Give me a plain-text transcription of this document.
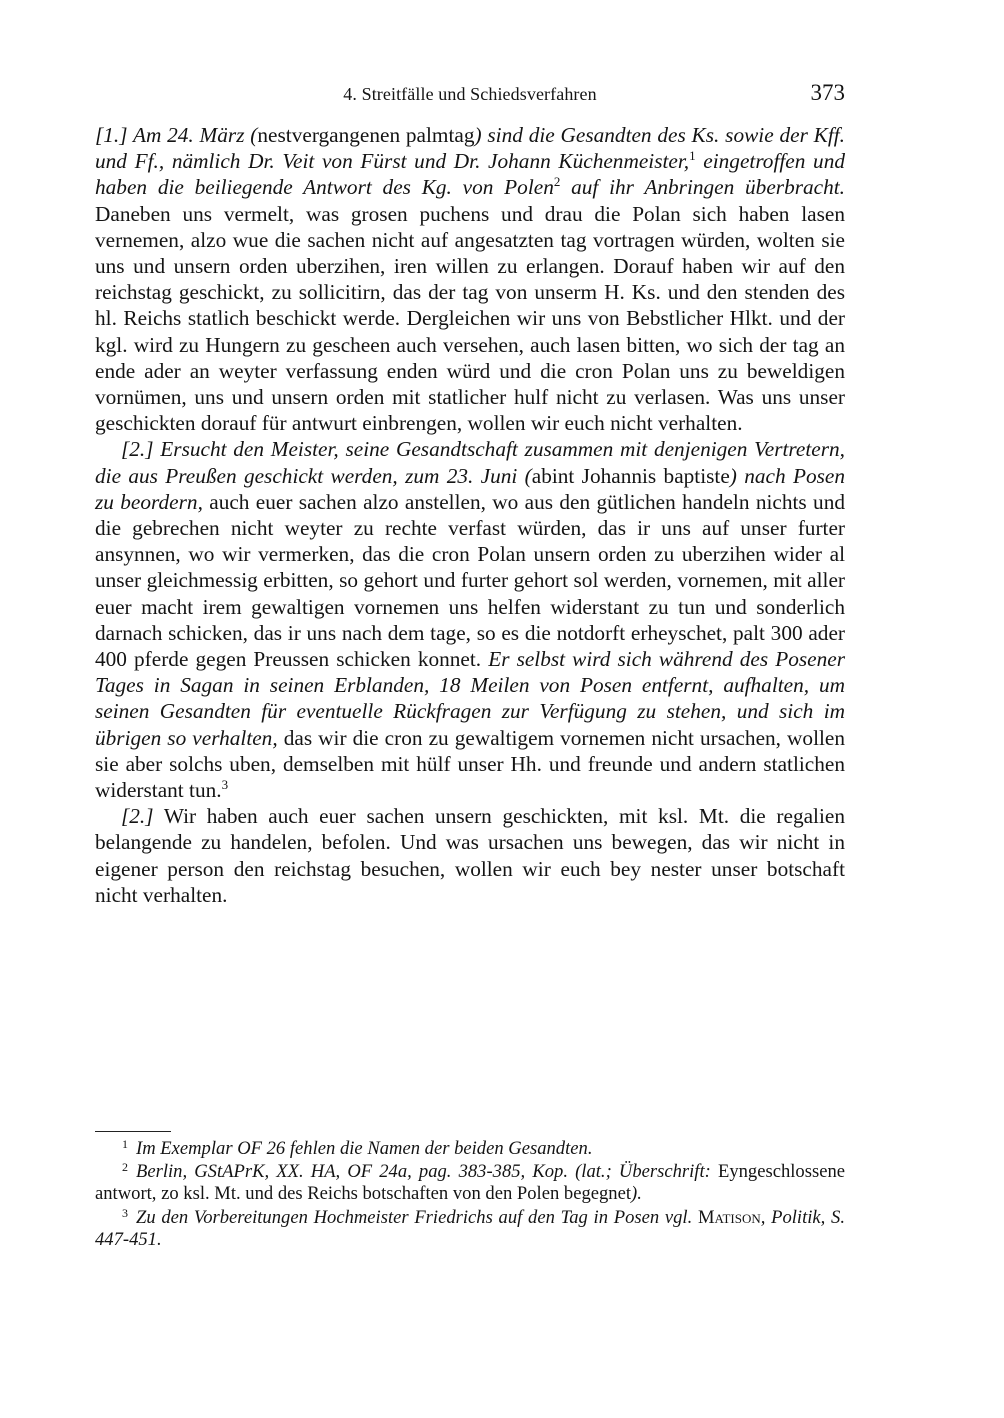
4. Streitfälle und Schiedsverfahren	373

[1.] Am 24. März (nestvergangenen palmtag) sind die Gesandten des Ks. sowie der Kff. und Ff., nämlich Dr. Veit von Fürst und Dr. Johann Küchenmeister,$^1$ eingetroffen und haben die beiliegende Antwort des Kg. von Polen$^2$ auf ihr Anbringen überbracht. Daneben uns vermelt, was grosen puchens und drau die Polan sich haben lasen vernemen, alzo wue die sachen nicht auf angesatzten tag vortragen würden, wolten sie uns und unsern orden uberzihen, iren willen zu erlangen. Dorauf haben wir auf den reichstag geschickt, zu sollicitirn, das der tag von unserm H. Ks. und den stenden des hl. Reichs statlich beschickt werde. Dergleichen wir uns von Bebstlicher Hlkt. und der kgl. wird zu Hungern zu gescheen auch versehen, auch lasen bitten, wo sich der tag an ende ader an weyter verfassung enden würd und die cron Polan uns zu beweldigen vornümen, uns und unsern orden mit statlicher hulf nicht zu verlasen. Was uns unser geschickten dorauf für antwurt einbrengen, wollen wir euch nicht verhalten.

[2.] Ersucht den Meister, seine Gesandtschaft zusammen mit denjenigen Vertretern, die aus Preußen geschickt werden, zum 23. Juni (abint Johannis baptiste) nach Posen zu beordern, auch euer sachen alzo anstellen, wo aus den gütlichen handeln nichts und die gebrechen nicht weyter zu rechte verfast würden, das ir uns auf unser furter ansynnen, wo wir vermerken, das die cron Polan unsern orden zu uberzihen wider al unser gleichmessig erbitten, so gehort und furter gehort sol werden, vornemen, mit aller euer macht irem gewaltigen vornemen uns helfen widerstant zu tun und sonderlich darnach schicken, das ir uns nach dem tage, so es die notdorft erheyschet, palt 300 ader 400 pferde gegen Preussen schicken konnet. Er selbst wird sich während des Posener Tages in Sagan in seinen Erblanden, 18 Meilen von Posen entfernt, aufhalten, um seinen Gesandten für eventuelle Rückfragen zur Verfügung zu stehen, und sich im übrigen so verhalten, das wir die cron zu gewaltigem vornemen nicht ursachen, wollen sie aber solchs uben, demselben mit hülf unser Hh. und freunde und andern statlichen widerstant tun.$^3$

[2.] Wir haben auch euer sachen unsern geschickten, mit ksl. Mt. die regalien belangende zu handelen, befolen. Und was ursachen uns bewegen, das wir nicht in eigener person den reichstag besuchen, wollen wir euch bey nester unser botschaft nicht verhalten.

$^1$ Im Exemplar OF 26 fehlen die Namen der beiden Gesandten.

$^2$ Berlin, GStAPrK, XX. HA, OF 24a, pag. 383-385, Kop. (lat.; Überschrift: Eyngeschlossene antwort, zo ksl. Mt. und des Reichs botschaften von den Polen begegnet).

$^3$ Zu den Vorbereitungen Hochmeister Friedrichs auf den Tag in Posen vgl. Matison, Politik, S. 447-451.
